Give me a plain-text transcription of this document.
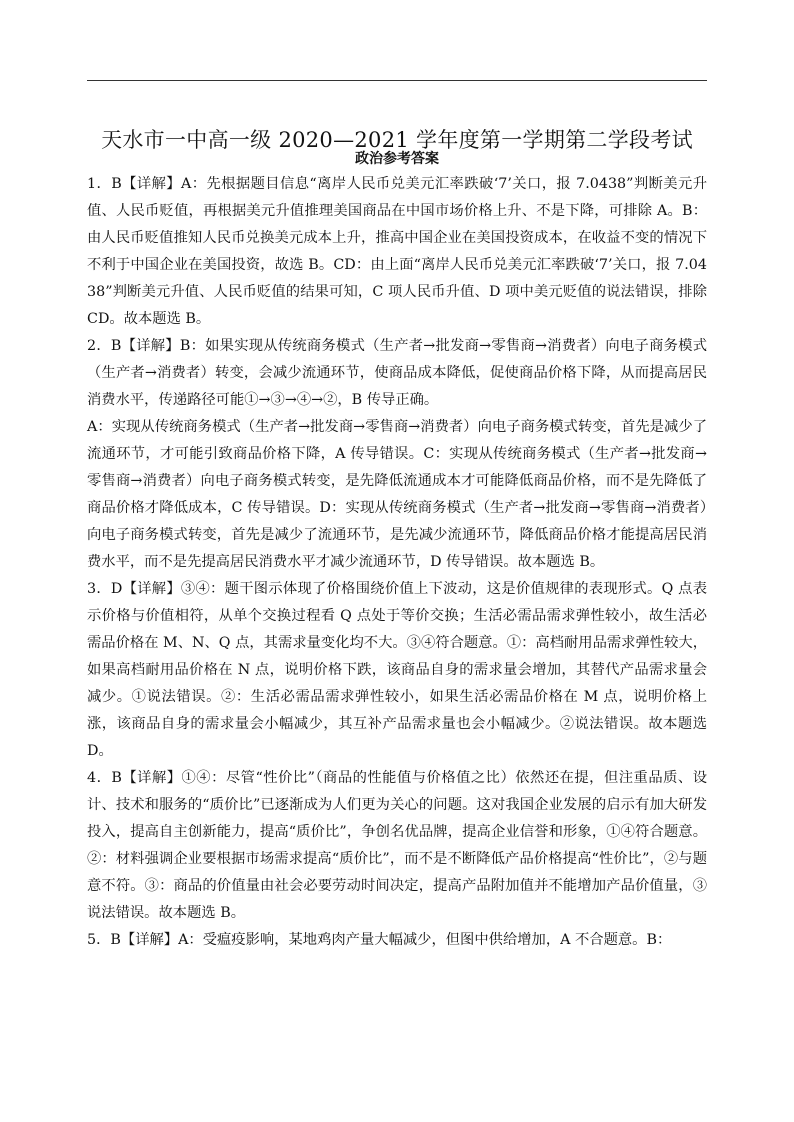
天水市一中高一级 2020—2021 学年度第一学期第二学段考试
政治参考答案

1．B【详解】A：先根据题目信息“离岸人民币兑美元汇率跌破‘7’关口，报 7.0438”判断美元升值、人民币贬值，再根据美元升值推理美国商品在中国市场价格上升、不是下降，可排除 A。B：由人民币贬值推知人民币兑换美元成本上升，推高中国企业在美国投资成本，在收益不变的情况下不利于中国企业在美国投资，故选 B。CD：由上面“离岸人民币兑美元汇率跌破‘7’关口，报 7.0438”判断美元升值、人民币贬值的结果可知，C 项人民币升值、D 项中美元贬值的说法错误，排除 CD。故本题选 B。

2．B【详解】B：如果实现从传统商务模式（生产者→批发商→零售商→消费者）向电子商务模式（生产者→消费者）转变，会减少流通环节，使商品成本降低，促使商品价格下降，从而提高居民消费水平，传递路径可能①→③→④→②，B 传导正确。

A：实现从传统商务模式（生产者→批发商→零售商→消费者）向电子商务模式转变，首先是减少了流通环节，才可能引致商品价格下降，A 传导错误。C：实现从传统商务模式（生产者→批发商→零售商→消费者）向电子商务模式转变，是先降低流通成本才可能降低商品价格，而不是先降低了商品价格才降低成本，C 传导错误。D：实现从传统商务模式（生产者→批发商→零售商→消费者）向电子商务模式转变，首先是减少了流通环节，是先减少流通环节，降低商品价格才能提高居民消费水平，而不是先提高居民消费水平才减少流通环节，D 传导错误。故本题选 B。

3．D【详解】③④：题干图示体现了价格围绕价值上下波动，这是价值规律的表现形式。Q 点表示价格与价值相符，从单个交换过程看 Q 点处于等价交换；生活必需品需求弹性较小，故生活必需品价格在 M、N、Q 点，其需求量变化均不大。③④符合题意。①：高档耐用品需求弹性较大，如果高档耐用品价格在 N 点，说明价格下跌，该商品自身的需求量会增加，其替代产品需求量会减少。①说法错误。②：生活必需品需求弹性较小，如果生活必需品价格在 M 点，说明价格上涨，该商品自身的需求量会小幅减少，其互补产品需求量也会小幅减少。②说法错误。故本题选 D。

4．B【详解】①④：尽管“性价比”（商品的性能值与价格值之比）依然还在提，但注重品质、设计、技术和服务的“质价比”已逐渐成为人们更为关心的问题。这对我国企业发展的启示有加大研发投入，提高自主创新能力，提高“质价比”，争创名优品牌，提高企业信誉和形象，①④符合题意。②：材料强调企业要根据市场需求提高“质价比”，而不是不断降低产品价格提高“性价比”，②与题意不符。③：商品的价值量由社会必要劳动时间决定，提高产品附加值并不能增加产品价值量，③说法错误。故本题选 B。

5．B【详解】A：受瘟疫影响，某地鸡肉产量大幅减少，但图中供给增加，A 不合题意。B：
